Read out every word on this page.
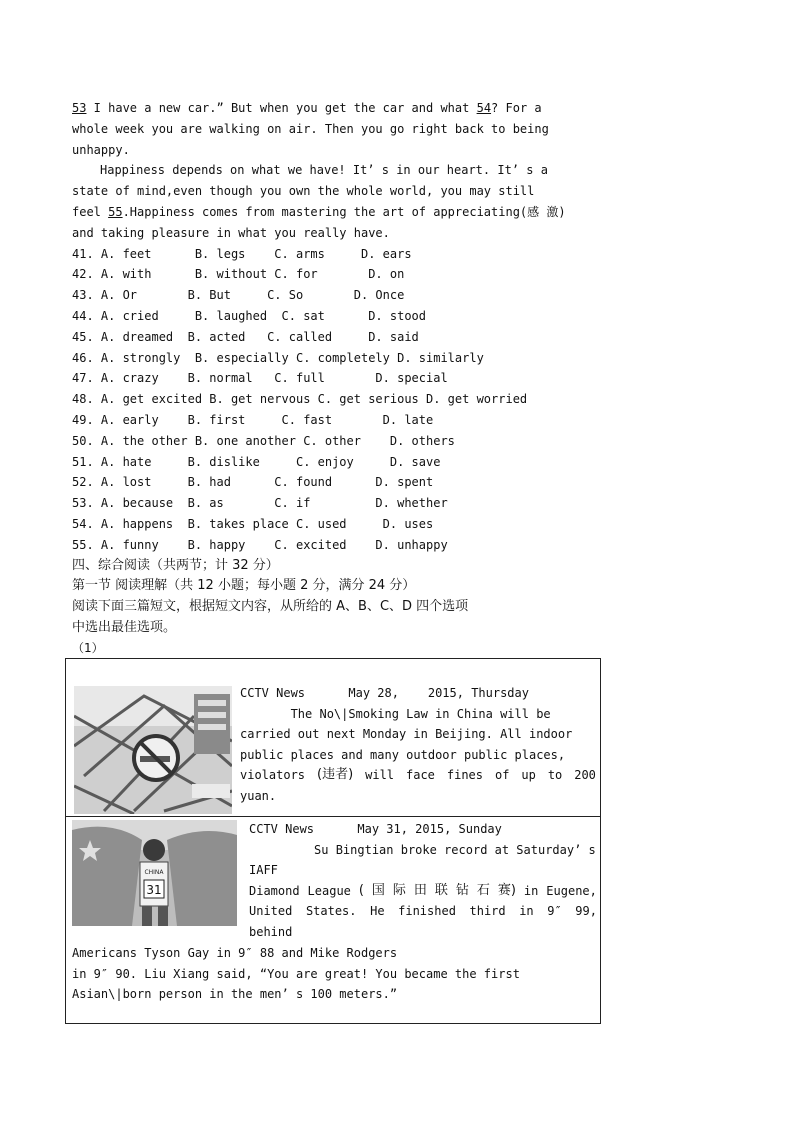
53 I have a new car.” But when you get the car and what 54? For a
whole week you are walking on air. Then you go right back to being
unhappy.
Happiness depends on what we have! It’ s in our heart. It’ s a
state of mind,even though you own the whole world, you may still
feel 55.Happiness comes from mastering the art of appreciating(感 激)
and taking pleasure in what you really have.
41. A. feet      B. legs    C. arms     D. ears
42. A. with      B. without C. for       D. on
43. A. Or       B. But     C. So       D. Once
44. A. cried     B. laughed  C. sat      D. stood
45. A. dreamed  B. acted   C. called     D. said
46. A. strongly  B. especially C. completely D. similarly
47. A. crazy    B. normal   C. full       D. special
48. A. get excited B. get nervous C. get serious D. get worried
49. A. early    B. first     C. fast       D. late
50. A. the other B. one another C. other    D. others
51. A. hate     B. dislike     C. enjoy     D. save
52. A. lost     B. had      C. found      D. spent
53. A. because  B. as       C. if         D. whether
54. A. happens  B. takes place C. used     D. uses
55. A. funny    B. happy    C. excited    D. unhappy
四、综合阅读（共两节；计 32 分）
第一节 阅读理解（共 12 小题；每小题 2 分，满分 24 分）
阅读下面三篇短文，根据短文内容，从所给的 A、B、C、D 四个选项
中选出最佳选项。
（1）
CCTV News      May 28,    2015, Thursday
The No\|Smoking Law in China will be
carried out next Monday in Beijing. All indoor
public places and many outdoor public places,
violators (违者) will face fines of up to 200
yuan.
31
CHINA
CCTV News      May 31, 2015, Sunday
Su Bingtian broke record at Saturday’ s
IAFF
Diamond League ( 国 际 田 联 钻 石 赛) in Eugene,
United States. He finished third in 9″ 99,
behind
Americans Tyson Gay in 9″ 88 and Mike Rodgers
in 9″ 90. Liu Xiang said, “You are great! You became the first
Asian\|born person in the men’ s 100 meters.”
